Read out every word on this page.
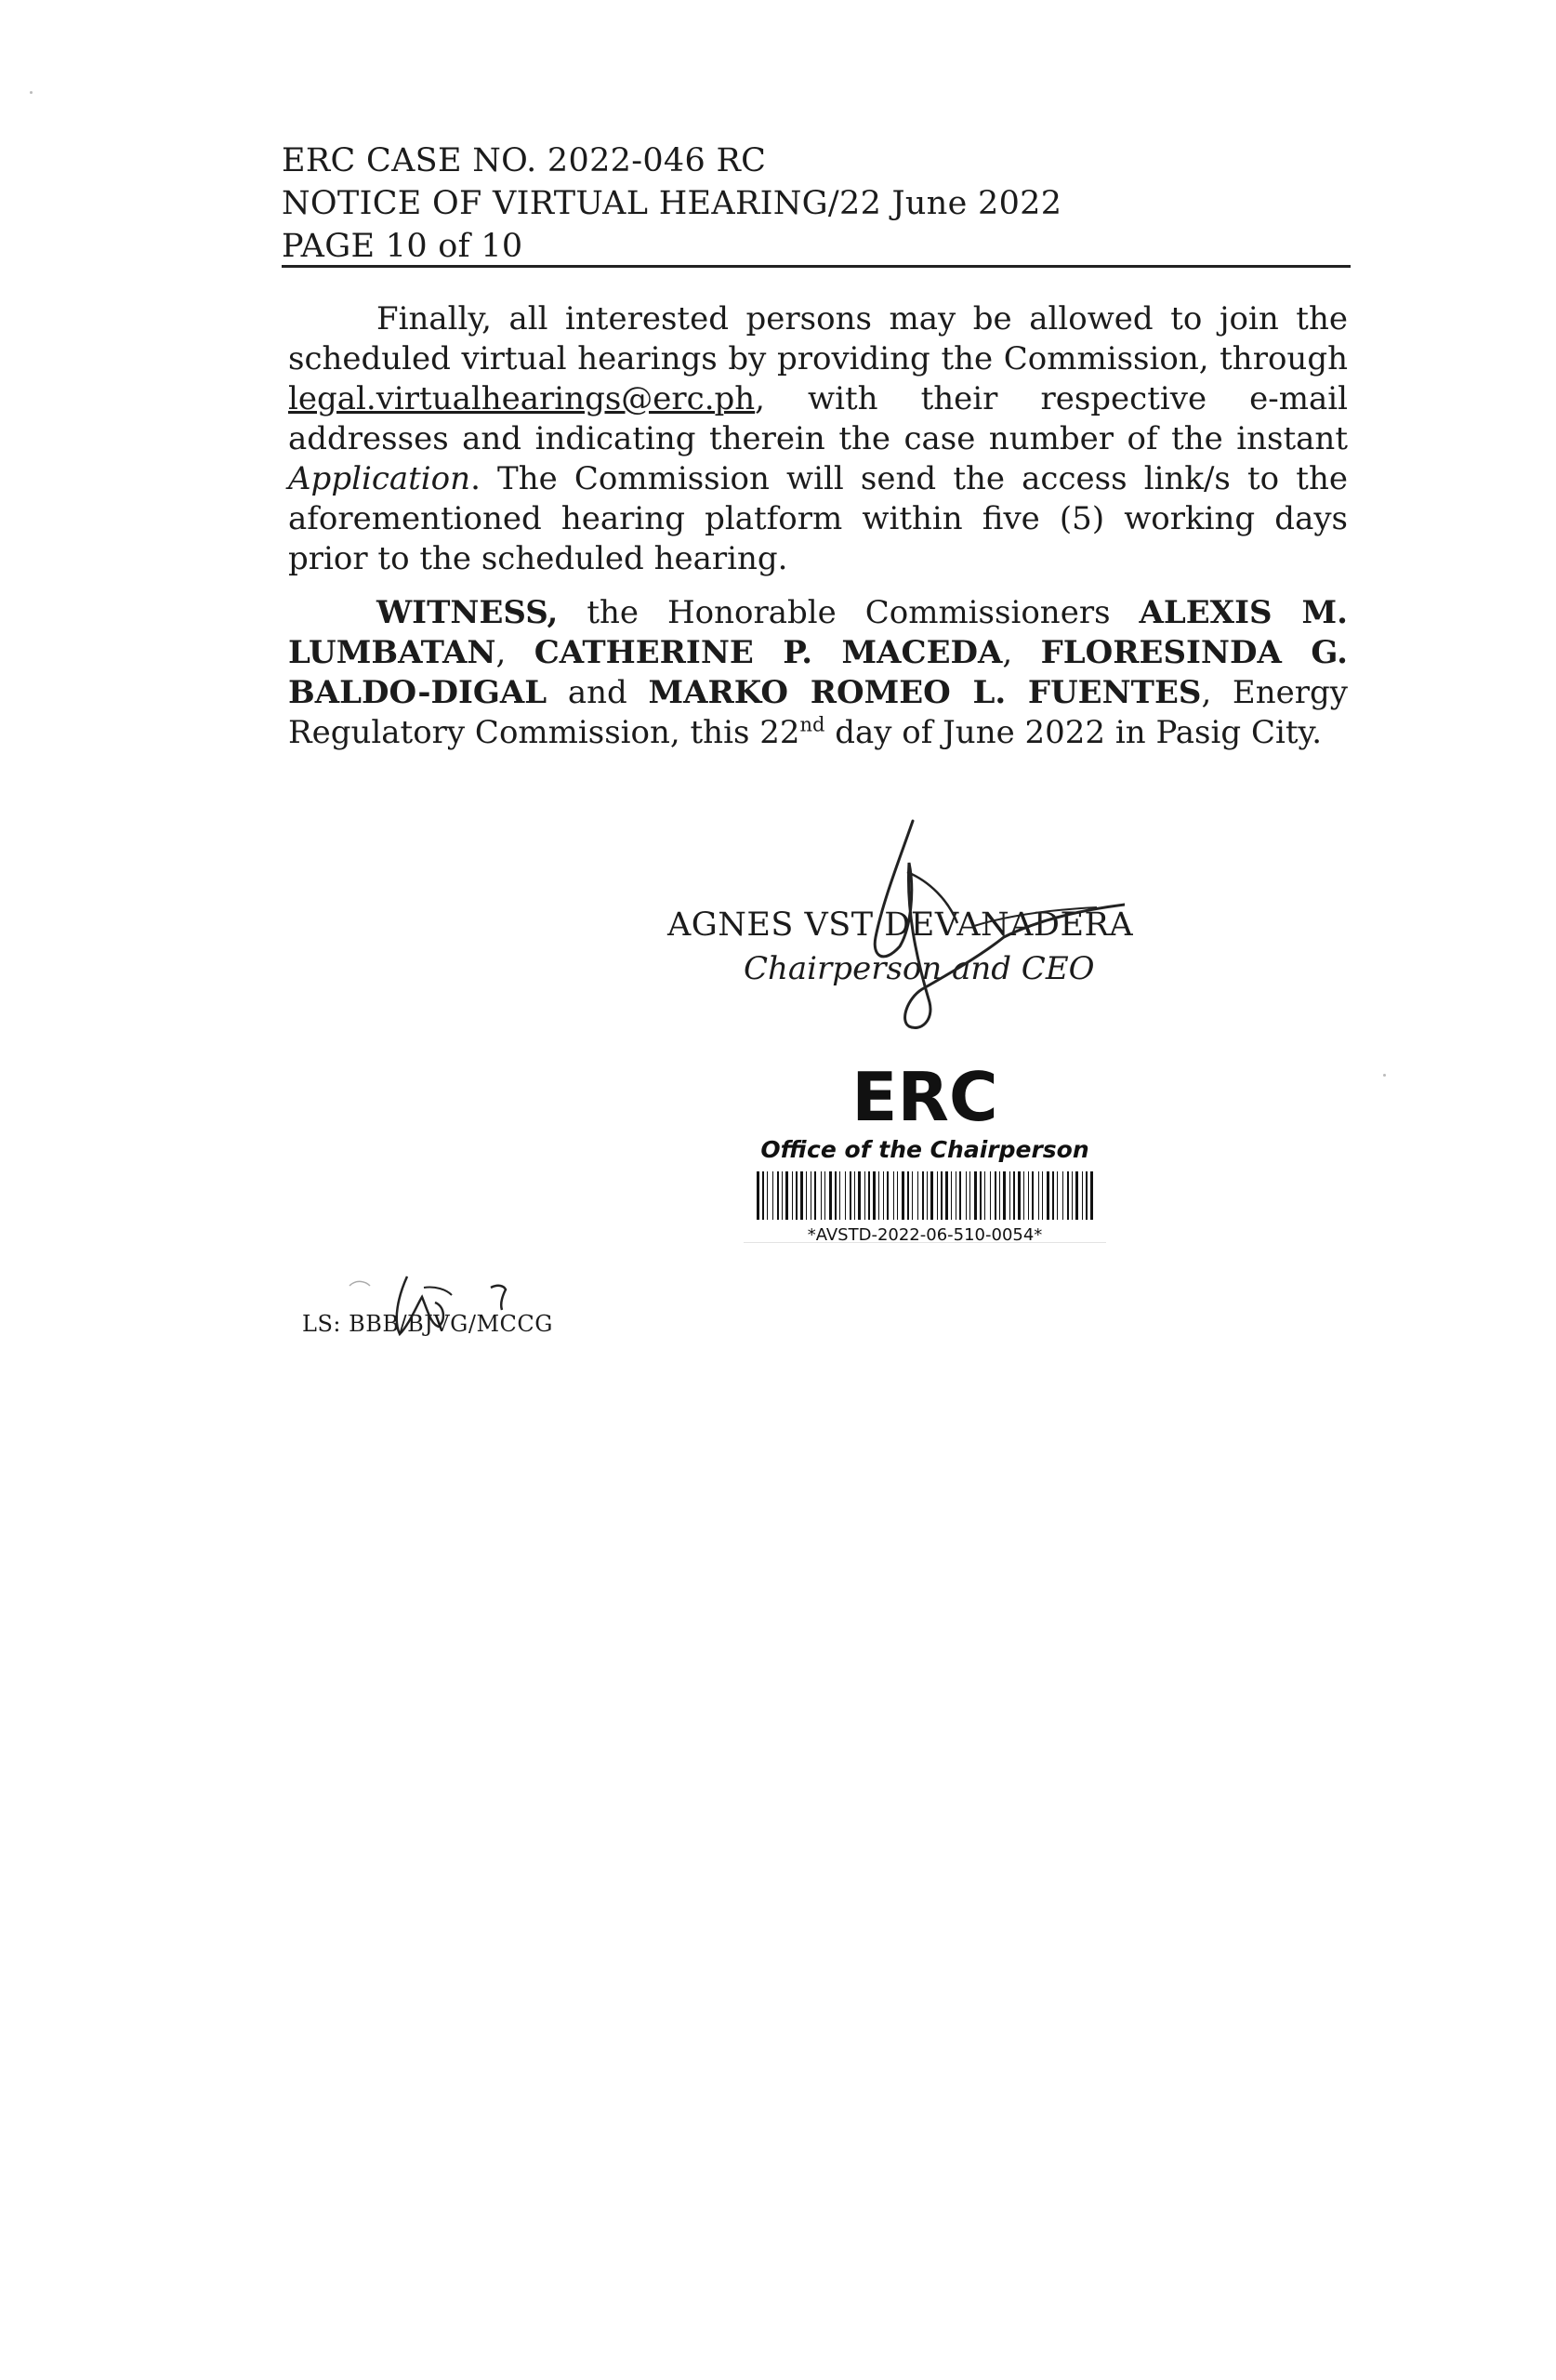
ERC CASE NO. 2022-046 RC
NOTICE OF VIRTUAL HEARING/22 June 2022
PAGE 10 of 10

Finally, all interested persons may be allowed to join the scheduled virtual hearings by providing the Commission, through legal.virtualhearings@erc.ph, with their respective e-mail addresses and indicating therein the case number of the instant Application. The Commission will send the access link/s to the aforementioned hearing platform within five (5) working days prior to the scheduled hearing.

WITNESS, the Honorable Commissioners ALEXIS M. LUMBATAN, CATHERINE P. MACEDA, FLORESINDA G. BALDO-DIGAL and MARKO ROMEO L. FUENTES, Energy Regulatory Commission, this 22nd day of June 2022 in Pasig City.

AGNES VST DEVANADERA
Chairperson and CEO
ERC
Office of the Chairperson
*AVSTD-2022-06-510-0054*
LS: BBB/BJVG/MCCG
